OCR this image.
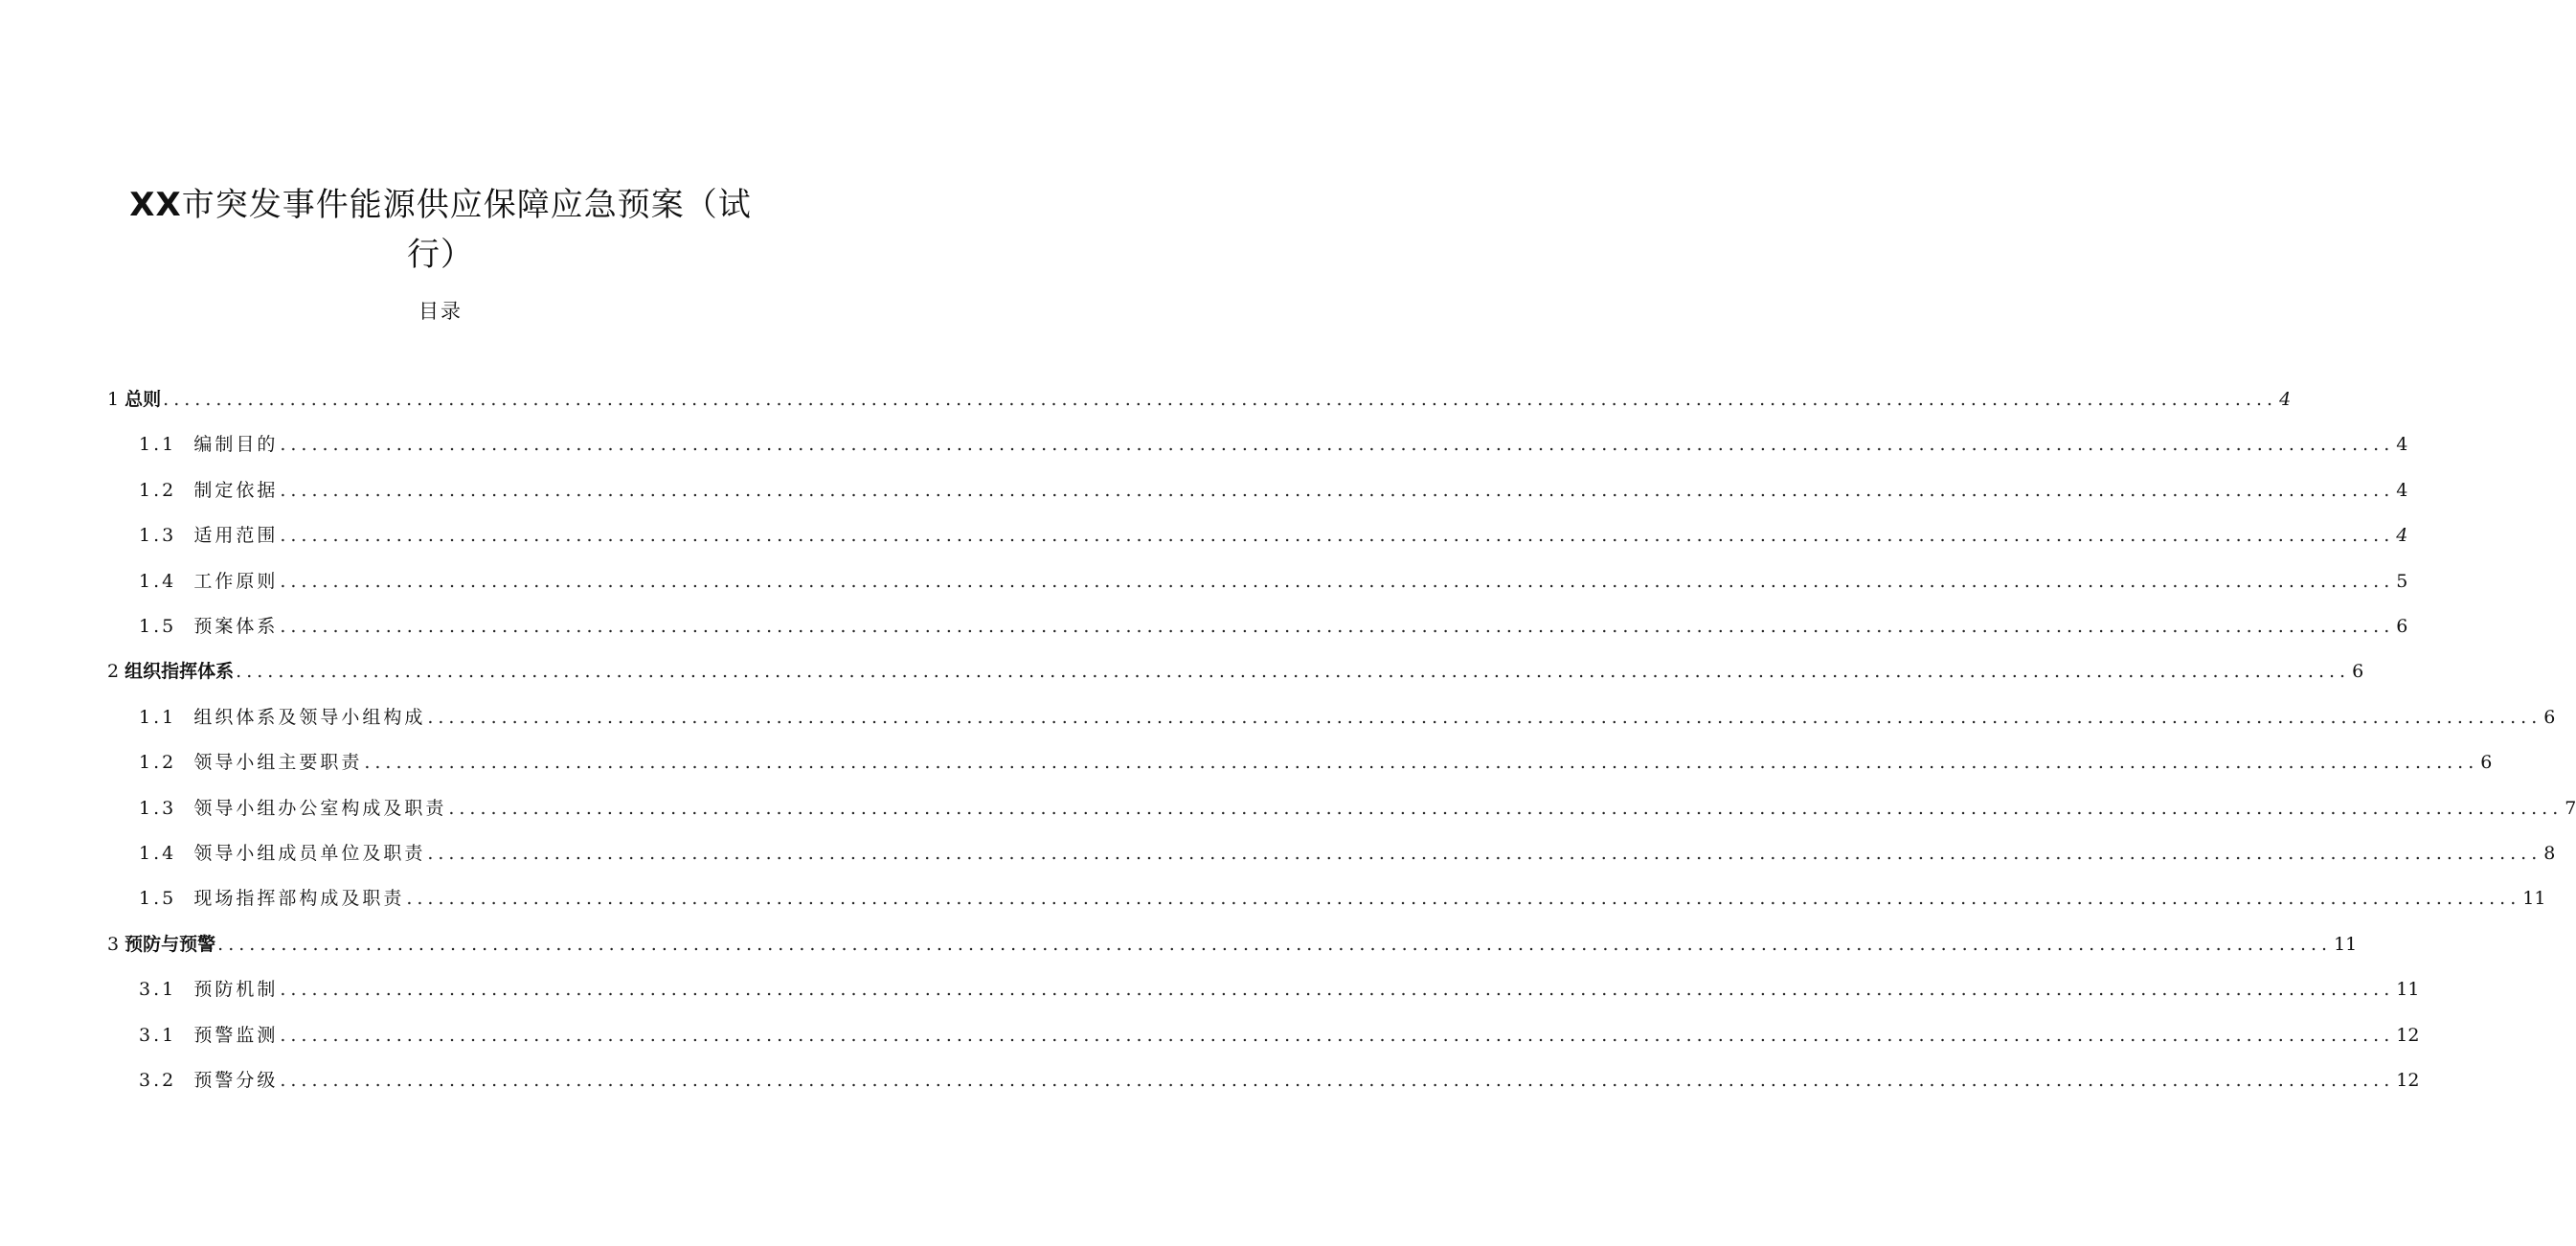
XX市突发事件能源供应保障应急预案（试行）
目录
1 总则 ........................................................................................................................................................................................................ 4
1.1 编制目的 ........................................................................................................................................................................................................ 4
1.2 制定依据 ........................................................................................................................................................................................................ 4
1.3 适用范围 ........................................................................................................................................................................................................ 4
1.4 工作原则 ........................................................................................................................................................................................................ 5
1.5 预案体系 ........................................................................................................................................................................................................ 6
2 组织指挥体系 ........................................................................................................................................................................................................ 6
1.1 组织体系及领导小组构成 ........................................................................................................................................................................................................ 6
1.2 领导小组主要职责 ........................................................................................................................................................................................................ 6
1.3 领导小组办公室构成及职责 ........................................................................................................................................................................................................ 7
1.4 领导小组成员单位及职责 ........................................................................................................................................................................................................ 8
1.5 现场指挥部构成及职责 ........................................................................................................................................................................................................ 11
3 预防与预警 ........................................................................................................................................................................................................ 11
3.1 预防机制 ........................................................................................................................................................................................................ 11
3.1 预警监测 ........................................................................................................................................................................................................ 12
3.2 预警分级 ........................................................................................................................................................................................................ 12
